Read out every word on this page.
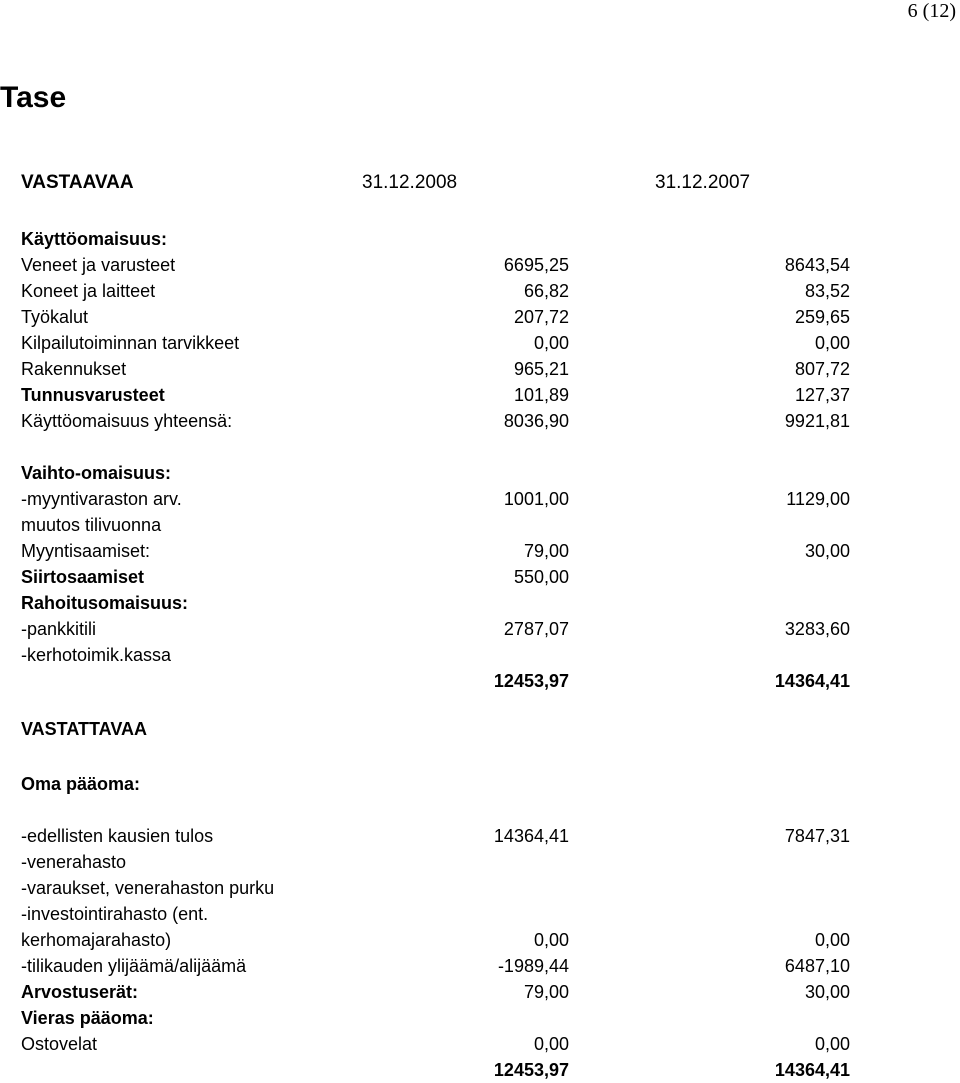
6 (12)
Tase
VASTAAVAA	31.12.2008	31.12.2007
Käyttöomaisuus:
Veneet ja varusteet	6695,25	8643,54
Koneet ja laitteet	66,82	83,52
Työkalut	207,72	259,65
Kilpailutoiminnan tarvikkeet	0,00	0,00
Rakennukset	965,21	807,72
Tunnusvarusteet	101,89	127,37
Käyttöomaisuus yhteensä:	8036,90	9921,81
Vaihto-omaisuus:
-myyntivaraston arv.	1001,00	1129,00
muutos tilivuonna
Myyntisaamiset:	79,00	30,00
Siirtosaamiset	550,00
Rahoitusomaisuus:
-pankkitili	2787,07	3283,60
-kerhotoimik.kassa
12453,97	14364,41
VASTATTAVAA
Oma pääoma:
-edellisten kausien tulos	14364,41	7847,31
-venerahasto
-varaukset, venerahaston purku
-investointirahasto (ent.
kerhomajarahasto)	0,00	0,00
-tilikauden ylijäämä/alijäämä	-1989,44	6487,10
Arvostuserät:	79,00	30,00
Vieras pääoma:
Ostovelat	0,00	0,00
12453,97	14364,41
